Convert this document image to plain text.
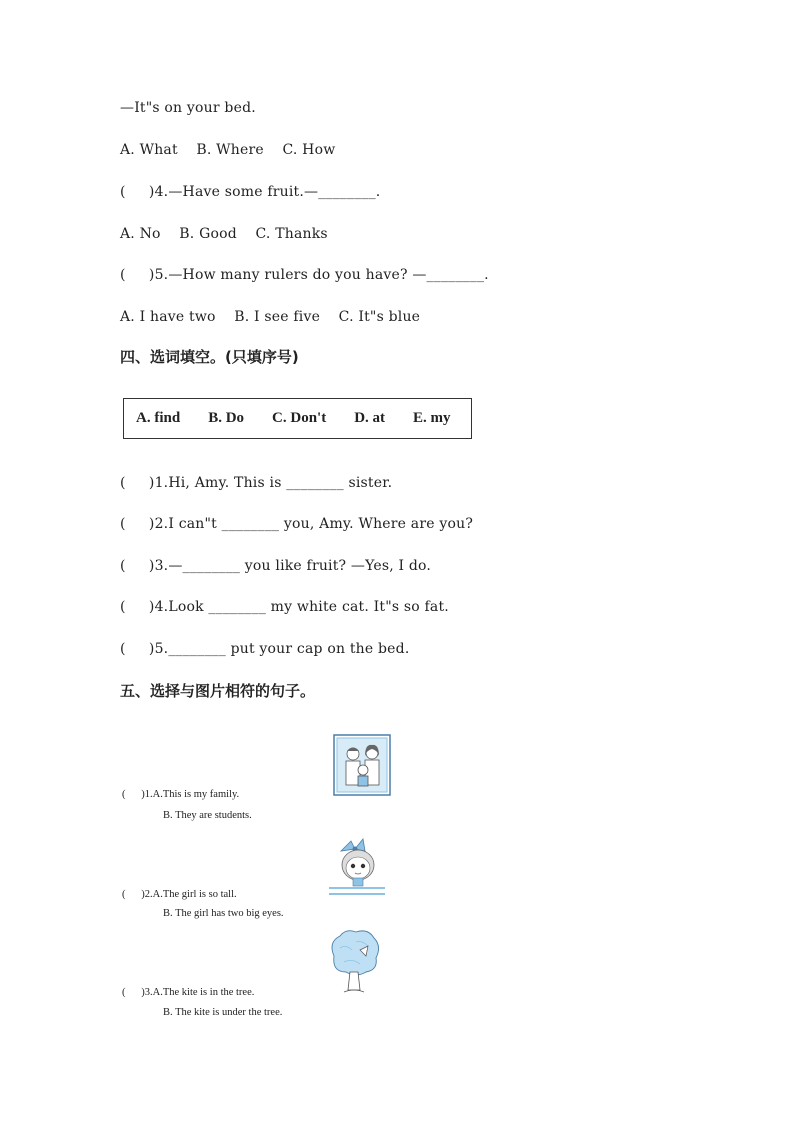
—It"s on your bed.
A. What    B. Where    C. How
(     )4.—Have some fruit.—________.
A. No    B. Good    C. Thanks
(     )5.—How many rulers do you have? —________.
A. I have two    B. I see five    C. It"s blue
四、选词填空。(只填序号)
A. find B. Do C. Don't D. at E. my
(     )1.Hi, Amy. This is ________ sister.
(     )2.I can"t ________ you, Amy. Where are you?
(     )3.—________ you like fruit? —Yes, I do.
(     )4.Look ________ my white cat. It"s so fat.
(     )5.________ put your cap on the bed.
五、选择与图片相符的句子。
(      )1.A.This is my family.
B. They are students.
(      )2.A.The girl is so tall.
B. The girl has two big eyes.
(      )3.A.The kite is in the tree.
B. The kite is under the tree.
